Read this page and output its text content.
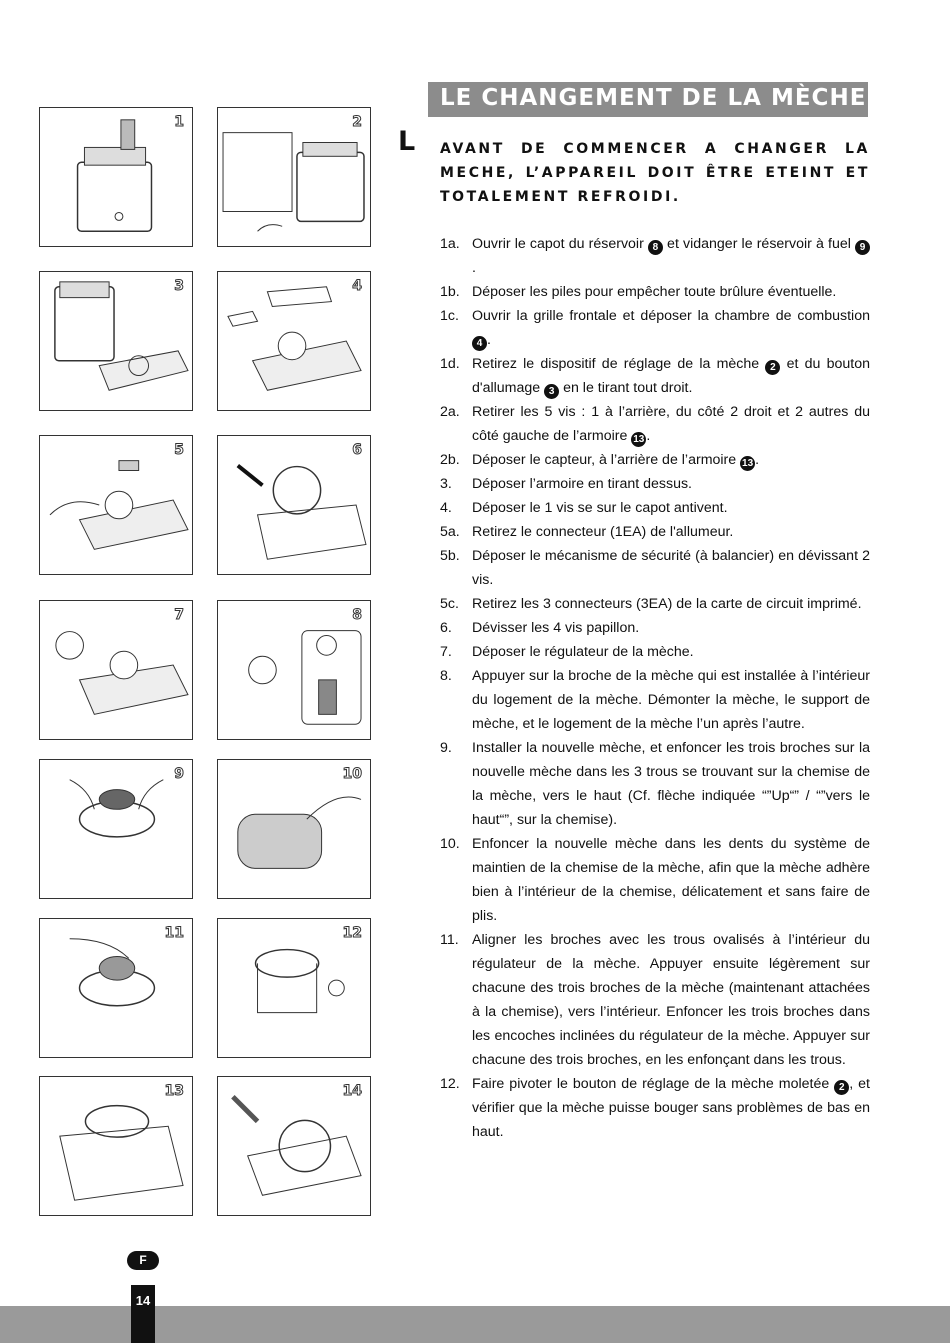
1	2
3	4
5	6
7	8
9	10
11	12
13	14
LE CHANGEMENT DE LA MÈCHE
L AVANT DE COMMENCER A CHANGER LA MECHE, L’APPAREIL DOIT ÊTRE ETEINT ET TOTALEMENT REFROIDI.
1a. Ouvrir le capot du réservoir 8 et vidanger le réservoir à fuel 9.
1b. Déposer les piles pour empêcher toute brûlure éventuelle.
1c. Ouvrir la grille frontale et déposer la chambre de combustion 4 .
1d. Retirez le dispositif de réglage de la mèche 2 et du bouton d'allumage 3 en le tirant tout droit.
2a. Retirer les 5 vis : 1 à l’arrière, du côté 2 droit et 2 autres du côté gauche de l’armoire 13 .
2b. Déposer le capteur, à l’arrière de l’armoire 13 .
3.	Déposer l’armoire en tirant dessus.
4.	Déposer le 1 vis se sur le capot antivent.
5a. Retirez le connecteur (1EA) de l'allumeur.
5b. Déposer le mécanisme de sécurité (à balancier) en dévissant 2 vis.
5c. Retirez les 3 connecteurs (3EA) de la carte de circuit imprimé.
6.	Dévisser les 4 vis papillon.
7.	Déposer le régulateur de la mèche.
8.	Appuyer sur la broche de la mèche qui est installée à l’intérieur du logement de la mèche. Démonter la mèche, le support de mèche, et le logement de la mèche l’un après l’autre.
9.	Installer la nouvelle mèche, et enfoncer les trois broches sur la nouvelle mèche dans les 3 trous se trouvant sur la chemise de la mèche, vers le haut (Cf. flèche indiquée “”Up“” / “”vers le haut“”, sur la chemise).
10. Enfoncer la nouvelle mèche dans les dents du système de maintien de la chemise de la mèche, afin que la mèche adhère bien à l’intérieur de la chemise, délicatement et sans faire de plis.
11. Aligner les broches avec les trous ovalisés à l’intérieur du régulateur de la mèche. Appuyer ensuite légèrement sur chacune des trois broches de la mèche (maintenant attachées à la chemise), vers l’intérieur. Enfoncer les trois broches dans les encoches inclinées du régulateur de la mèche. Appuyer sur chacune des trois broches, en les enfonçant dans les trous.
12. Faire pivoter le bouton de réglage de la mèche moletée 2 , et vérifier que la mèche puisse bouger sans problèmes de bas en haut.
F
14
